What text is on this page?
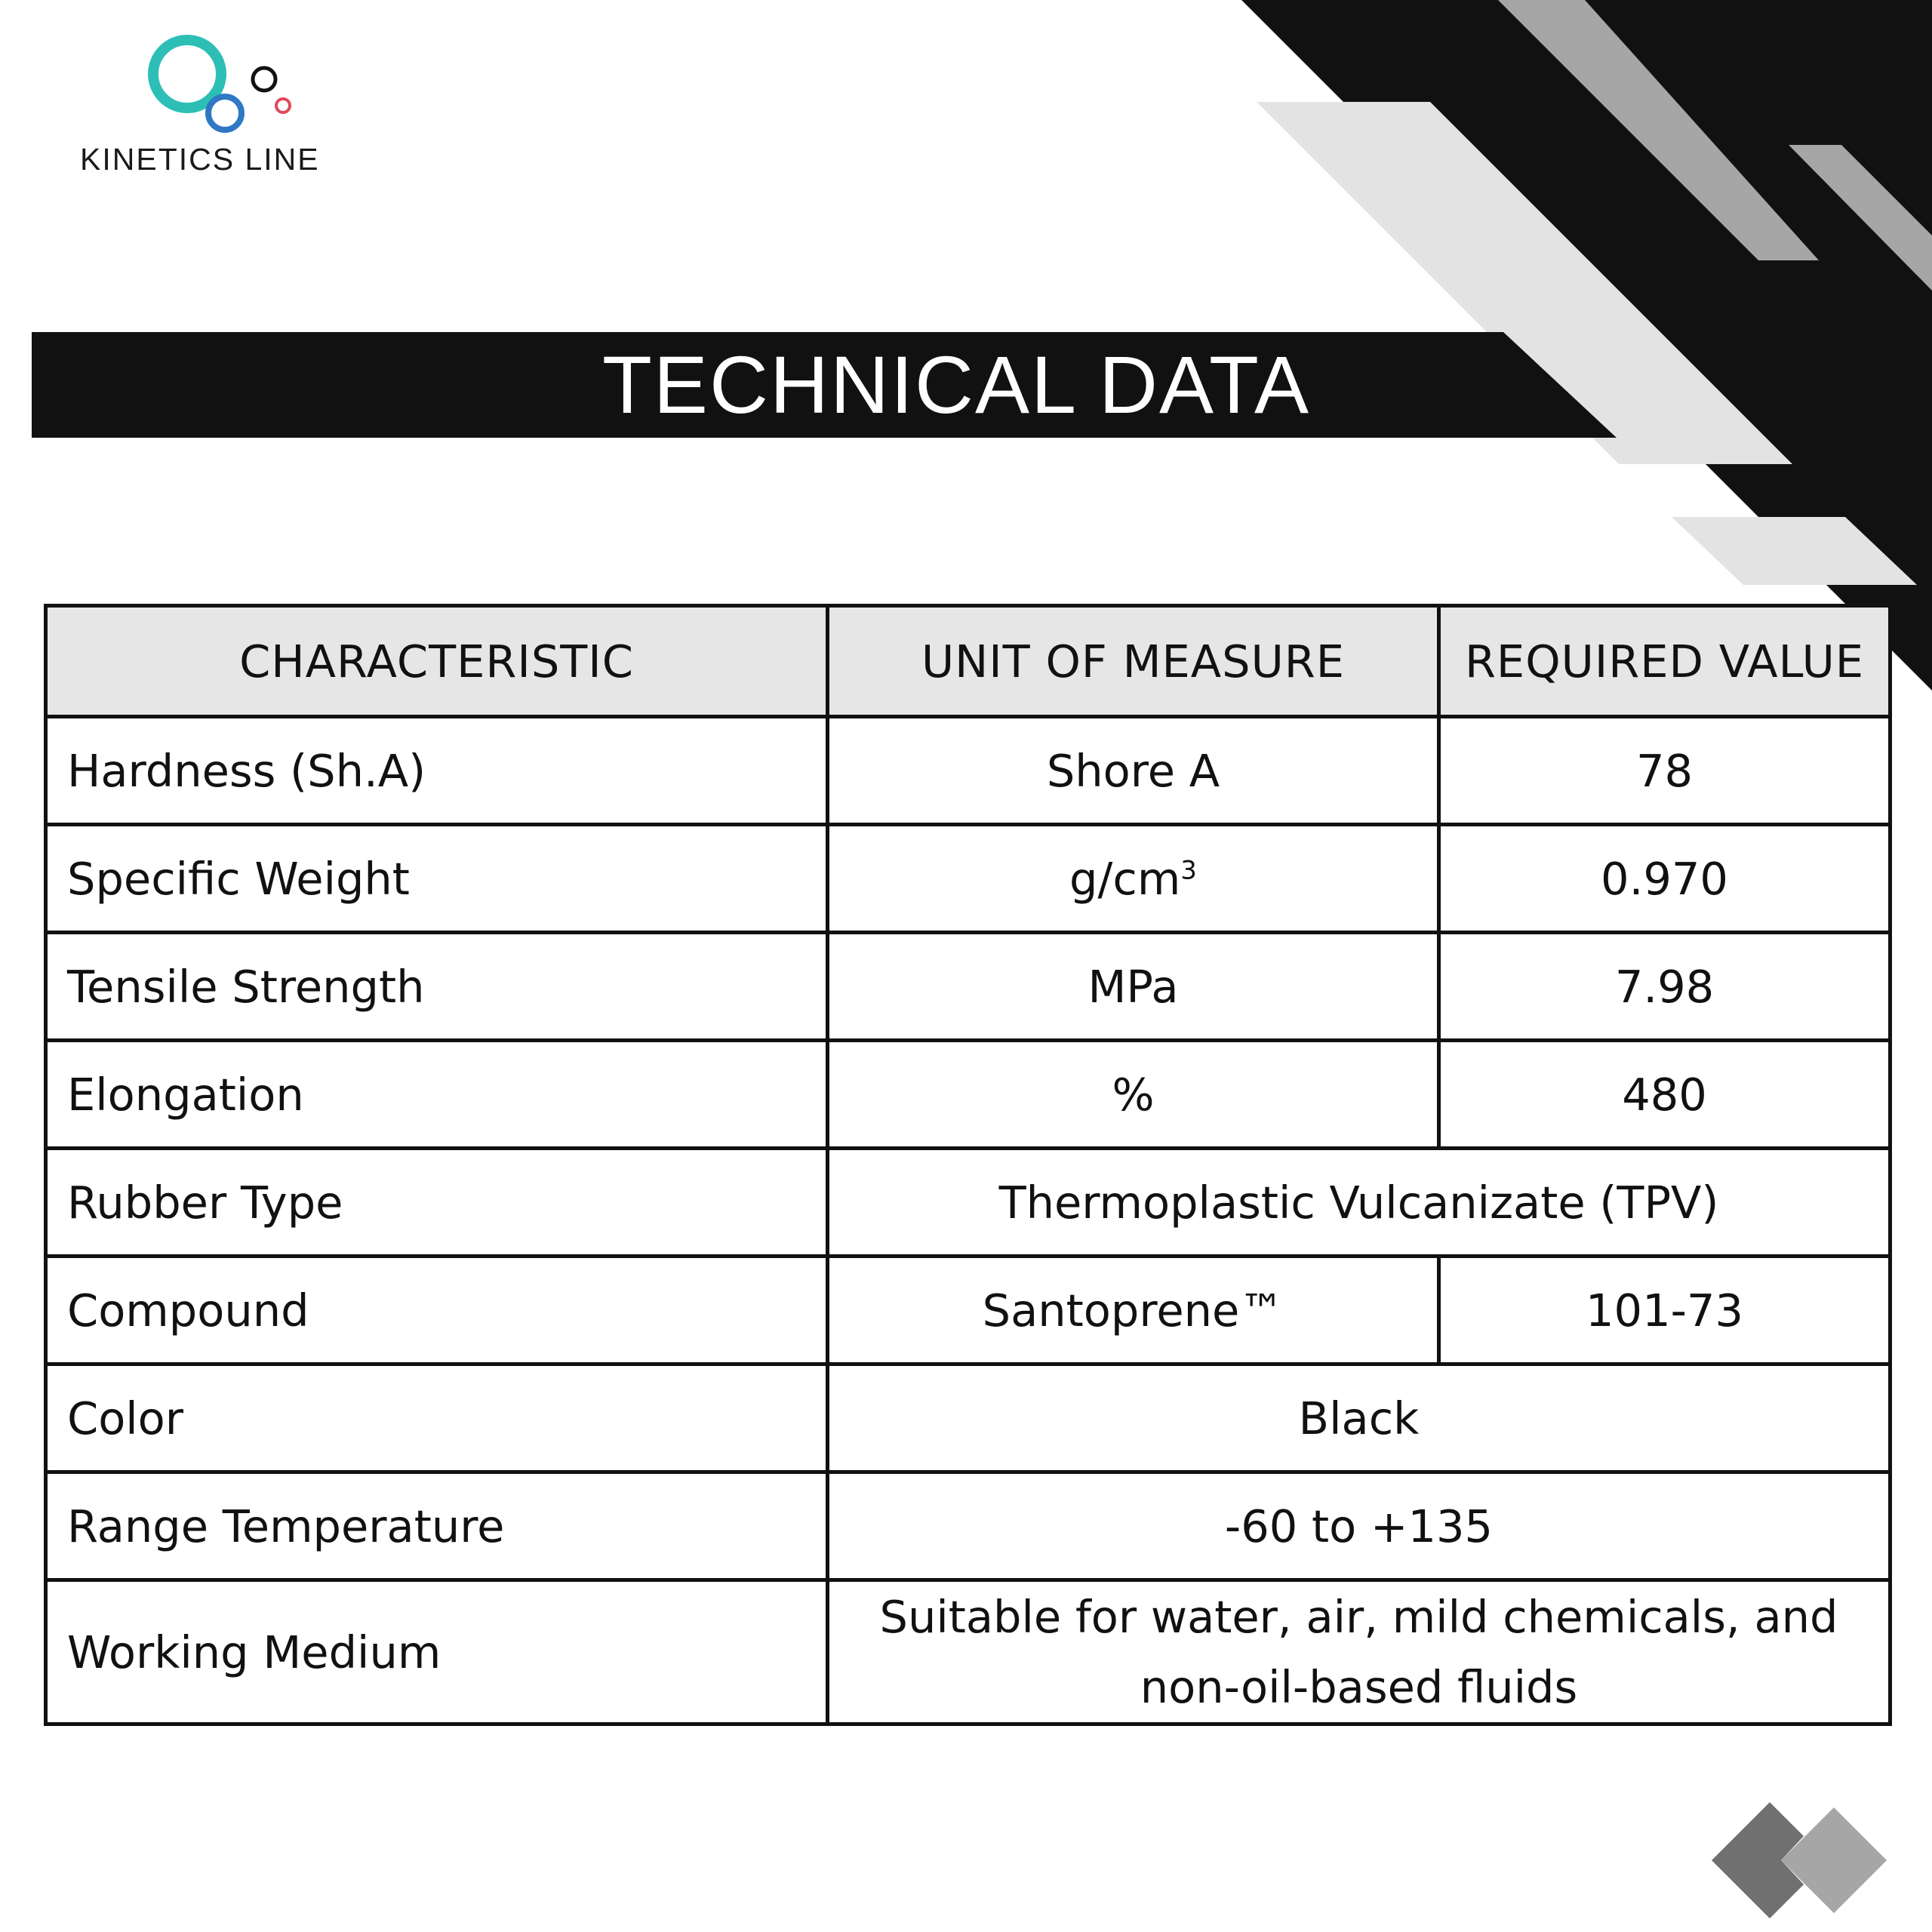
KINETICS LINE
TECHNICAL DATA
CHARACTERISTIC	UNIT OF MEASURE	REQUIRED VALUE
Hardness (Sh.A)	Shore A	78
Specific Weight	$g/cm^3$	0.970
Tensile Strength	MPa	7.98
Elongation	%	480
Rubber Type	Thermoplastic Vulcanizate (TPV)	
Compound	Santoprene™	101-73
Color	Black	
Range Temperature	-60 to +135	
Working Medium	Suitable for water, air, mild chemicals, and non-oil-based fluids	
